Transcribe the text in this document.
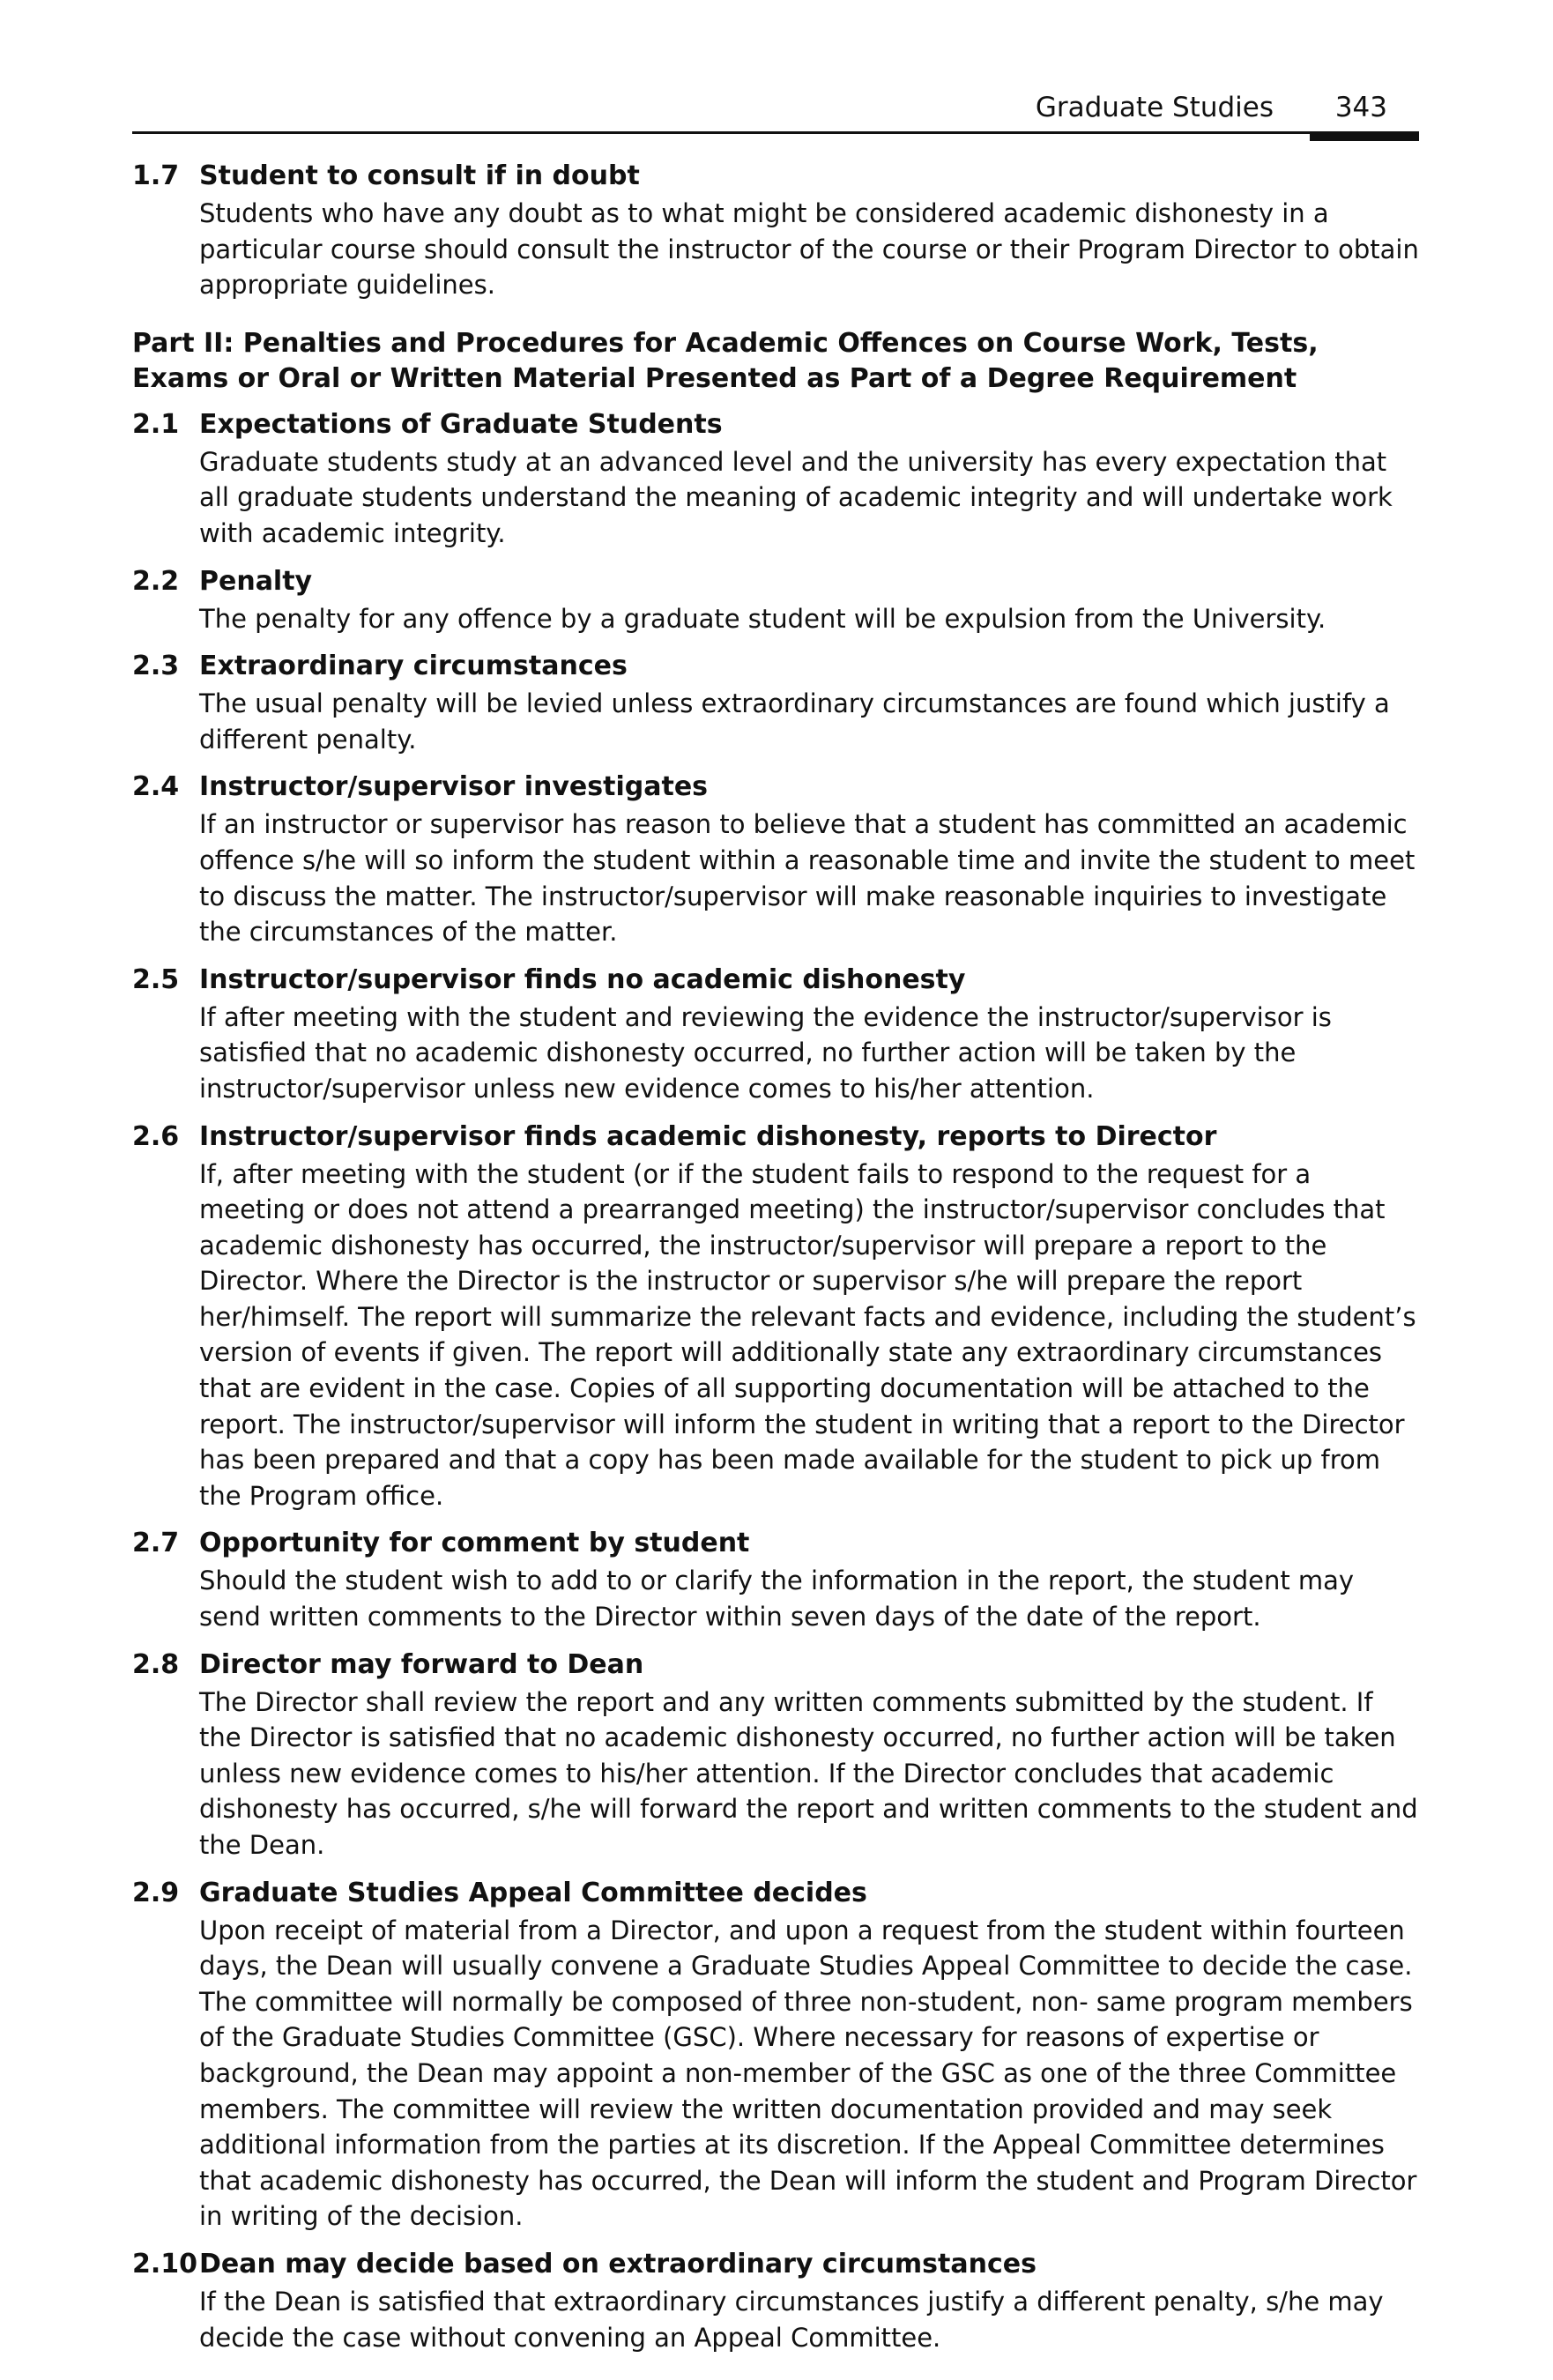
Graduate Studies 343
1.7 Student to consult if in doubt
Students who have any doubt as to what might be considered academic dishonesty in a particular course should consult the instructor of the course or their Program Director to obtain appropriate guidelines.
Part II: Penalties and Procedures for Academic Offences on Course Work, Tests, Exams or Oral or Written Material Presented as Part of a Degree Requirement
2.1 Expectations of Graduate Students
Graduate students study at an advanced level and the university has every expectation that all graduate students understand the meaning of academic integrity and will undertake work with academic integrity.
2.2 Penalty
The penalty for any offence by a graduate student will be expulsion from the University.
2.3 Extraordinary circumstances
The usual penalty will be levied unless extraordinary circumstances are found which justify a different penalty.
2.4 Instructor/supervisor investigates
If an instructor or supervisor has reason to believe that a student has committed an academic offence s/he will so inform the student within a reasonable time and invite the student to meet to discuss the matter. The instructor/supervisor will make reasonable inquiries to investigate the circumstances of the matter.
2.5 Instructor/supervisor finds no academic dishonesty
If after meeting with the student and reviewing the evidence the instructor/supervisor is satisfied that no academic dishonesty occurred, no further action will be taken by the instructor/supervisor unless new evidence comes to his/her attention.
2.6 Instructor/supervisor finds academic dishonesty, reports to Director
If, after meeting with the student (or if the student fails to respond to the request for a meeting or does not attend a prearranged meeting) the instructor/supervisor concludes that academic dishonesty has occurred, the instructor/supervisor will prepare a report to the Director. Where the Director is the instructor or supervisor s/he will prepare the report her/himself. The report will summarize the relevant facts and evidence, including the student’s version of events if given. The report will additionally state any extraordinary circumstances that are evident in the case. Copies of all supporting documentation will be attached to the report. The instructor/supervisor will inform the student in writing that a report to the Director has been prepared and that a copy has been made available for the student to pick up from the Program office.
2.7 Opportunity for comment by student
Should the student wish to add to or clarify the information in the report, the student may send written comments to the Director within seven days of the date of the report.
2.8 Director may forward to Dean
The Director shall review the report and any written comments submitted by the student. If the Director is satisfied that no academic dishonesty occurred, no further action will be taken unless new evidence comes to his/her attention. If the Director concludes that academic dishonesty has occurred, s/he will forward the report and written comments to the student and the Dean.
2.9 Graduate Studies Appeal Committee decides
Upon receipt of material from a Director, and upon a request from the student within fourteen days, the Dean will usually convene a Graduate Studies Appeal Committee to decide the case. The committee will normally be composed of three non-student, non- same program members of the Graduate Studies Committee (GSC). Where necessary for reasons of expertise or background, the Dean may appoint a non-member of the GSC as one of the three Committee members. The committee will review the written documentation provided and may seek additional information from the parties at its discretion. If the Appeal Committee determines that academic dishonesty has occurred, the Dean will inform the student and Program Director in writing of the decision.
2.10 Dean may decide based on extraordinary circumstances
If the Dean is satisfied that extraordinary circumstances justify a different penalty, s/he may decide the case without convening an Appeal Committee.
